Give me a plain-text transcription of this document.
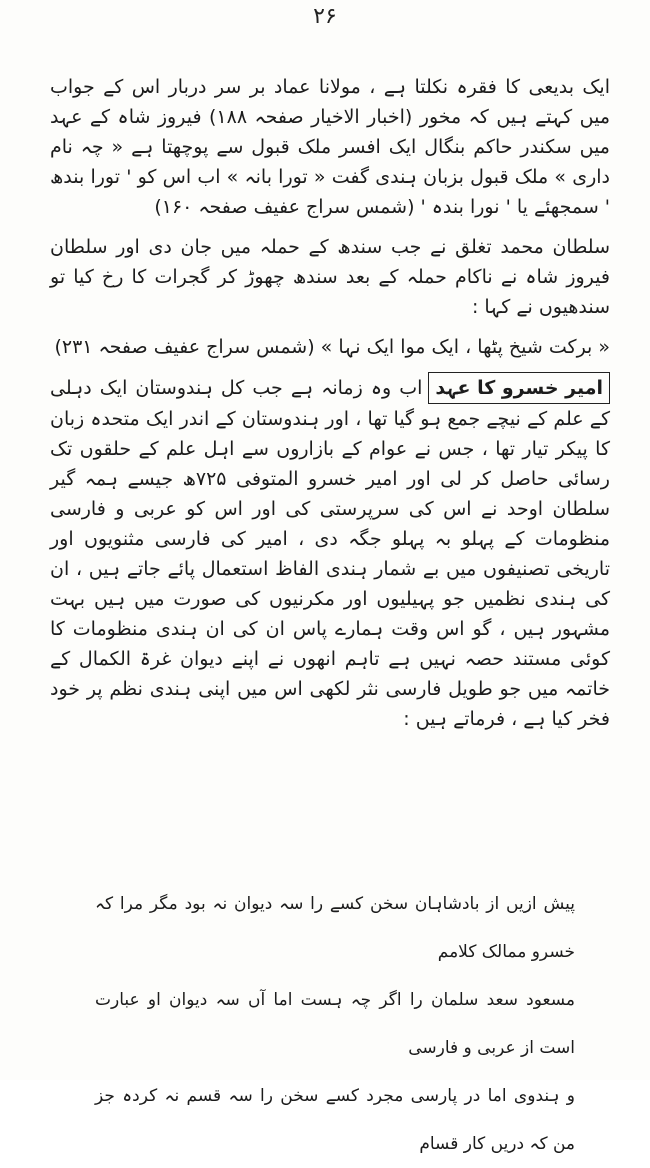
۲۶

ایک بدیعی کا فقرہ نکلتا ہے ، مولانا عماد بر سر دربار اس کے جواب میں کہتے ہیں کہ مخور (اخبار الاخیار صفحہ ۱۸۸) فیروز شاہ کے عہد میں سکندر حاکم بنگال ایک افسر ملک قبول سے پوچھتا ہے « چہ نام داری » ملک قبول بزبان ہندی گفت « تورا بانہ » اب اس کو ' تورا بندھ ' سمجھئے یا ' نورا بندہ ' (شمس سراج عفیف صفحہ ۱۶۰)

سلطان محمد تغلق نے جب سندھ کے حملہ میں جان دی اور سلطان فیروز شاہ نے ناکام حملہ کے بعد سندھ چھوڑ کر گجرات کا رخ کیا تو سندھیوں نے کہا :

« برکت شیخ پٹھا ، ایک موا ایک نہا » (شمس سراج عفیف صفحہ ۲۳۱)

امیر خسرو کا عہداب وہ زمانہ ہے جب کل ہندوستان ایک دہلی کے علم کے نیچے جمع ہو گیا تھا ، اور ہندوستان کے اندر ایک متحدہ زبان کا پیکر تیار تھا ، جس نے عوام کے بازاروں سے اہل علم کے حلقوں تک رسائی حاصل کر لی اور امیر خسرو المتوفی ۷۲۵ھ جیسے ہمہ گیر سلطان اوحد نے اس کی سرپرستی کی اور اس کو عربی و فارسی منظومات کے پہلو بہ پہلو جگہ دی ، امیر کی فارسی مثنویوں اور تاریخی تصنیفوں میں بے شمار ہندی الفاظ استعمال پائے جاتے ہیں ، ان کی ہندی نظمیں جو پہیلیوں اور مکرنیوں کی صورت میں ہیں بہت مشہور ہیں ، گو اس وقت ہمارے پاس ان کی ان ہندی منظومات کا کوئی مستند حصہ نہیں ہے تاہم انھوں نے اپنے دیوان غرۃ الکمال کے خاتمہ میں جو طویل فارسی نثر لکھی اس میں اپنی ہندی نظم پر خود فخر کیا ہے ، فرماتے ہیں :

پیش ازیں از بادشاہان سخن کسے را سہ دیوان نہ بود مگر مرا کہ خسرو ممالک کلامم

مسعود سعد سلمان را اگر چہ ہست اما آں سہ دیوان او عبارت است از عربی و فارسی

و ہندوی اما در پارسی مجرد کسے سخن را سہ قسم نہ کردہ جز من کہ دریں کار قسام
